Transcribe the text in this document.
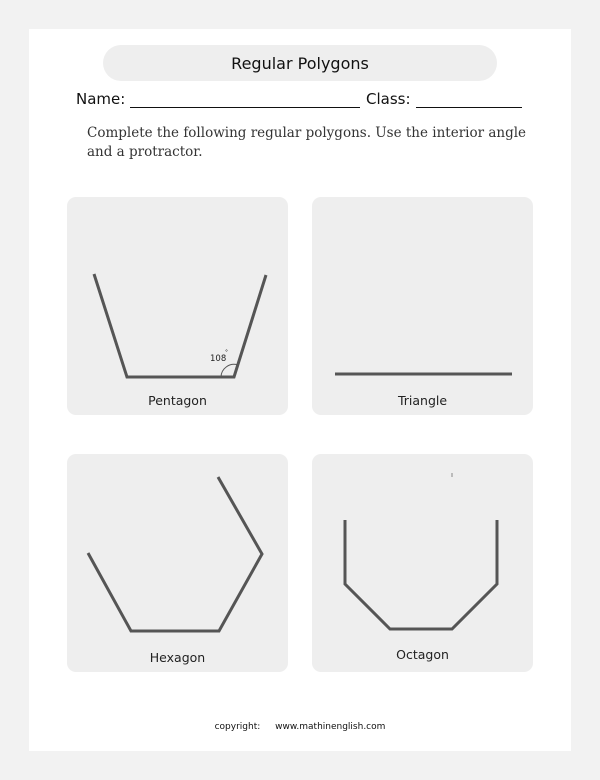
Regular Polygons
Name:	Class:
Complete the following regular polygons. Use the interior angle and a protractor.
108
°
Pentagon	Triangle
Hexagon	Octagon
copyright: www.mathinenglish.com
